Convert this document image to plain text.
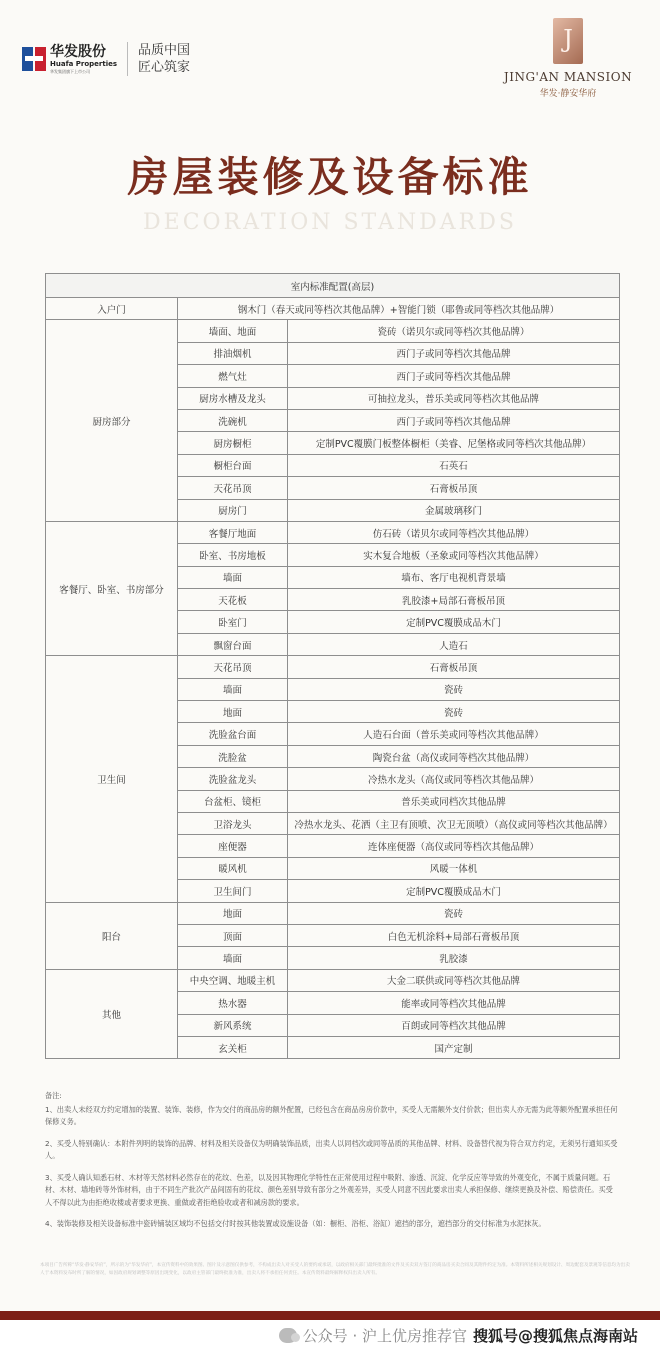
华发股份
Huafa Properties
华发集团旗下上市公司
品质中国
匠心筑家
J
JING'AN MANSION
华发·静安华府
房屋装修及设备标准
DECORATION STANDARDS
室内标准配置(高层)		
入户门	钢木门（春天或同等档次其他品牌）+智能门锁（耶鲁或同等档次其他品牌）	
厨房部分	墙面、地面	瓷砖（诺贝尔或同等档次其他品牌）
	排油烟机	西门子或同等档次其他品牌
	燃气灶	西门子或同等档次其他品牌
	厨房水槽及龙头	可抽拉龙头，普乐美或同等档次其他品牌
	洗碗机	西门子或同等档次其他品牌
	厨房橱柜	定制PVC覆膜门板整体橱柜（美睿、尼堡格或同等档次其他品牌）
	橱柜台面	石英石
	天花吊顶	石膏板吊顶
	厨房门	金属玻璃移门
客餐厅、卧室、书房部分	客餐厅地面	仿石砖（诺贝尔或同等档次其他品牌）
	卧室、书房地板	实木复合地板（圣象或同等档次其他品牌）
	墙面	墙布、客厅电视机背景墙
	天花板	乳胶漆+局部石膏板吊顶
	卧室门	定制PVC覆膜成品木门
	飘窗台面	人造石
卫生间	天花吊顶	石膏板吊顶
	墙面	瓷砖
	地面	瓷砖
	洗脸盆台面	人造石台面（普乐美或同等档次其他品牌）
	洗脸盆	陶瓷台盆（高仪或同等档次其他品牌）
	洗脸盆龙头	冷热水龙头（高仪或同等档次其他品牌）
	台盆柜、镜柜	普乐美或同档次其他品牌
	卫浴龙头	冷热水龙头、花洒（主卫有顶喷、次卫无顶喷）（高仪或同等档次其他品牌）
	座便器	连体座便器（高仪或同等档次其他品牌）
	暖风机	风暖一体机
	卫生间门	定制PVC覆膜成品木门
阳台	地面	瓷砖
	顶面	白色无机涂料+局部石膏板吊顶
	墙面	乳胶漆
其他	中央空调、地暖主机	大金二联供或同等档次其他品牌
	热水器	能率或同等档次其他品牌
	新风系统	百朗或同等档次其他品牌
	玄关柜	国产定制

备注:

1、出卖人未经双方约定增加的装置、装饰、装修，作为交付的商品房的额外配置，已经包含在商品房房价款中，买受人无需额外支付价款；但出卖人亦无需为此等额外配置承担任何保修义务。

2、买受人特别确认：本附件列明的装饰的品牌、材料及相关设备仅为明确装饰品质，出卖人以同档次或同等品质的其他品牌、材料、设备替代视为符合双方约定，无须另行通知买受人。

3、买受人确认知悉石材、木材等天然材料必然存在的花纹、色差，以及因其物理化学特性在正常使用过程中吸附、渗透、沉淀、化学反应等导致的外观变化，不属于质量问题。石材、木材、墙地砖等外饰材料，由于不同生产批次产品间固有的花纹、颜色差别导致有部分之外观差异，买受人同意不因此要求出卖人承担保修、继续更换及补偿、赔偿责任。买受人不得以此为由拒绝收楼或者要求更换、重做或者拒绝验收或者和减房款的要求。

4、装饰装修及相关设备标准中瓷砖铺装区域均不包括交付时按其他装置或设施设备（如：橱柜、浴柜、浴缸）遮挡的部分，遮挡部分的交付标准为水泥抹灰。

本项目广告所称“华发·静安华府”，所示的为“华发华府”，本宣传资料中的效果图、图片及示意图仅供参考，不构成出卖人对买受人的要约或承诺，以政府相关部门最终批准的文件及买卖双方签订的商品房买卖合同及其附件约定为准。本资料所述相关规划设计、周边配套及景观等信息均为出卖人于本资料发布时所了解的情况，如因政府规划调整等原因出现变化，以政府主管部门最终批准为准，出卖人将不承担任何责任。本宣传资料最终解释权归出卖人所有。
公众号 · 沪上优房推荐官 搜狐号@搜狐焦点海南站
